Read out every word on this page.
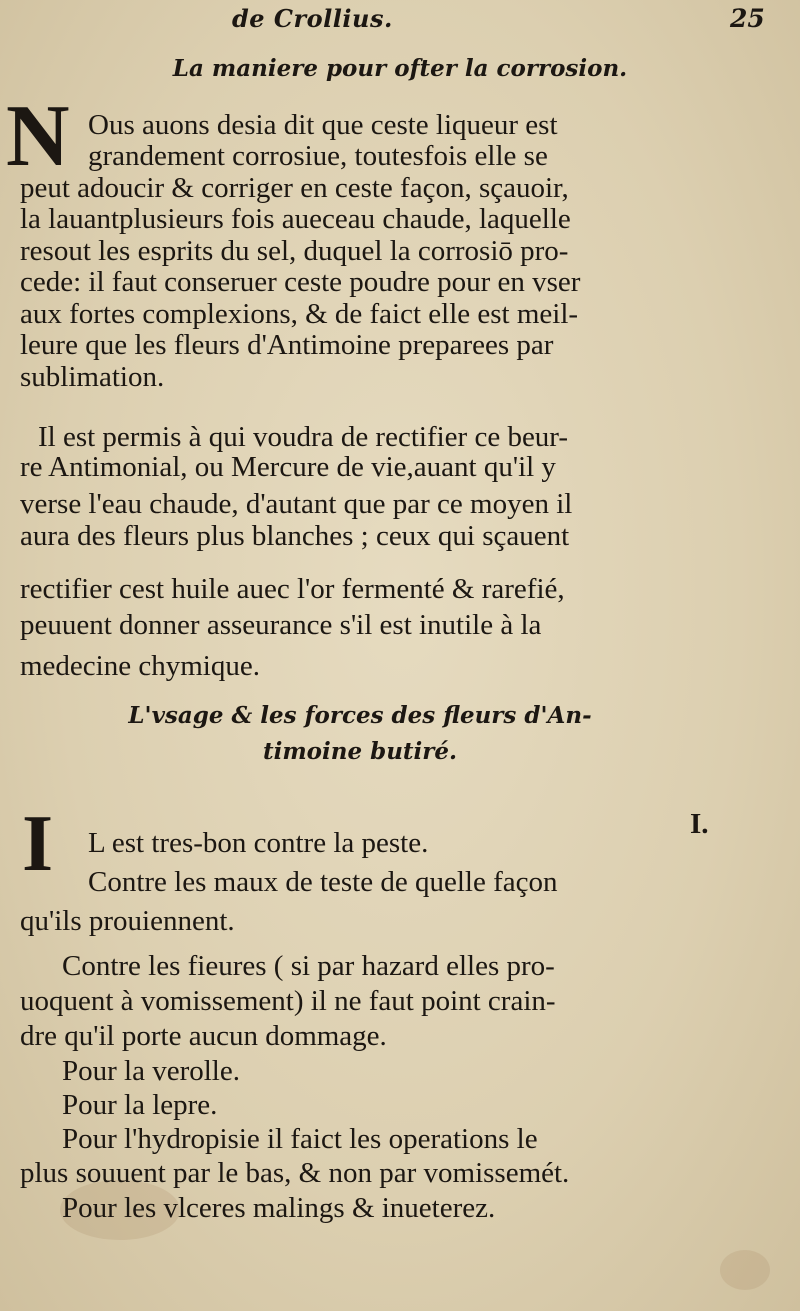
de Crollius.	25
La maniere pour ofter la corrosion.
N Ous auons desia dit que ceste liqueur est
grandement corrosiue, toutesfois elle se
peut adoucir & corriger en ceste façon, sçauoir,
la lauantplusieurs fois aueceau chaude, laquelle
resout les esprits du sel, duquel la corrosiō pro-
cede: il faut conseruer ceste poudre pour en vser
aux fortes complexions, & de faict elle est meil-
leure que les fleurs d'Antimoine preparees par
sublimation.
Il est permis à qui voudra de rectifier ce beur-
re Antimonial, ou Mercure de vie,auant qu'il y
verse l'eau chaude, d'autant que par ce moyen il
aura des fleurs plus blanches ; ceux qui sçauent
rectifier cest huile auec l'or fermenté & rarefié,
peuuent donner asseurance s'il est inutile à la
medecine chymique.
L'vsage & les forces des fleurs d'An-
timoine butiré.
I	I.
L est tres-bon contre la peste.
Contre les maux de teste de quelle façon
qu'ils prouiennent.
Contre les fieures ( si par hazard elles pro-
uoquent à vomissement) il ne faut point crain-
dre qu'il porte aucun dommage.
Pour la verolle.
Pour la lepre.
Pour l'hydropisie il faict les operations le
plus souuent par le bas, & non par vomissemét.
Pour les vlceres malings & inueterez.
